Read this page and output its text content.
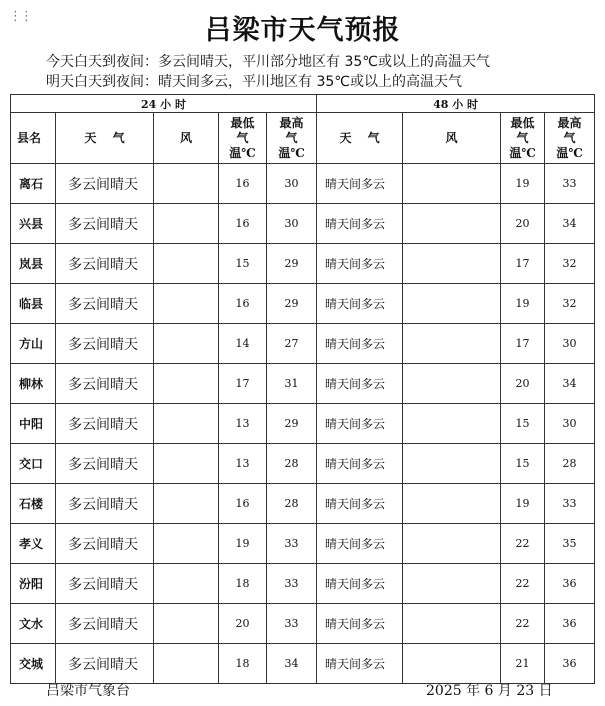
⋮⋮	吕梁市天气预报
今天白天到夜间：多云间晴天，平川部分地区有 35℃或以上的高温天气
明天白天到夜间：晴天间多云，平川地区有 35℃或以上的高温天气
24 小 时					48 小 时			
县名	天　 气	风	最低
气
温℃	最高
气
温℃	天　 气	风	最低
气
温℃	最高
气
温℃
离石	多云间晴天		16	30	晴天间多云		19	33
兴县	多云间晴天		16	30	晴天间多云		20	34
岚县	多云间晴天		15	29	晴天间多云		17	32
临县	多云间晴天		16	29	晴天间多云		19	32
方山	多云间晴天		14	27	晴天间多云		17	30
柳林	多云间晴天		17	31	晴天间多云		20	34
中阳	多云间晴天		13	29	晴天间多云		15	30
交口	多云间晴天		13	28	晴天间多云		15	28
石楼	多云间晴天		16	28	晴天间多云		19	33
孝义	多云间晴天		19	33	晴天间多云		22	35
汾阳	多云间晴天		18	33	晴天间多云		22	36
文水	多云间晴天		20	33	晴天间多云		22	36
交城	多云间晴天		18	34	晴天间多云		21	36
吕梁市气象台	2025 年 6 月 23 日
